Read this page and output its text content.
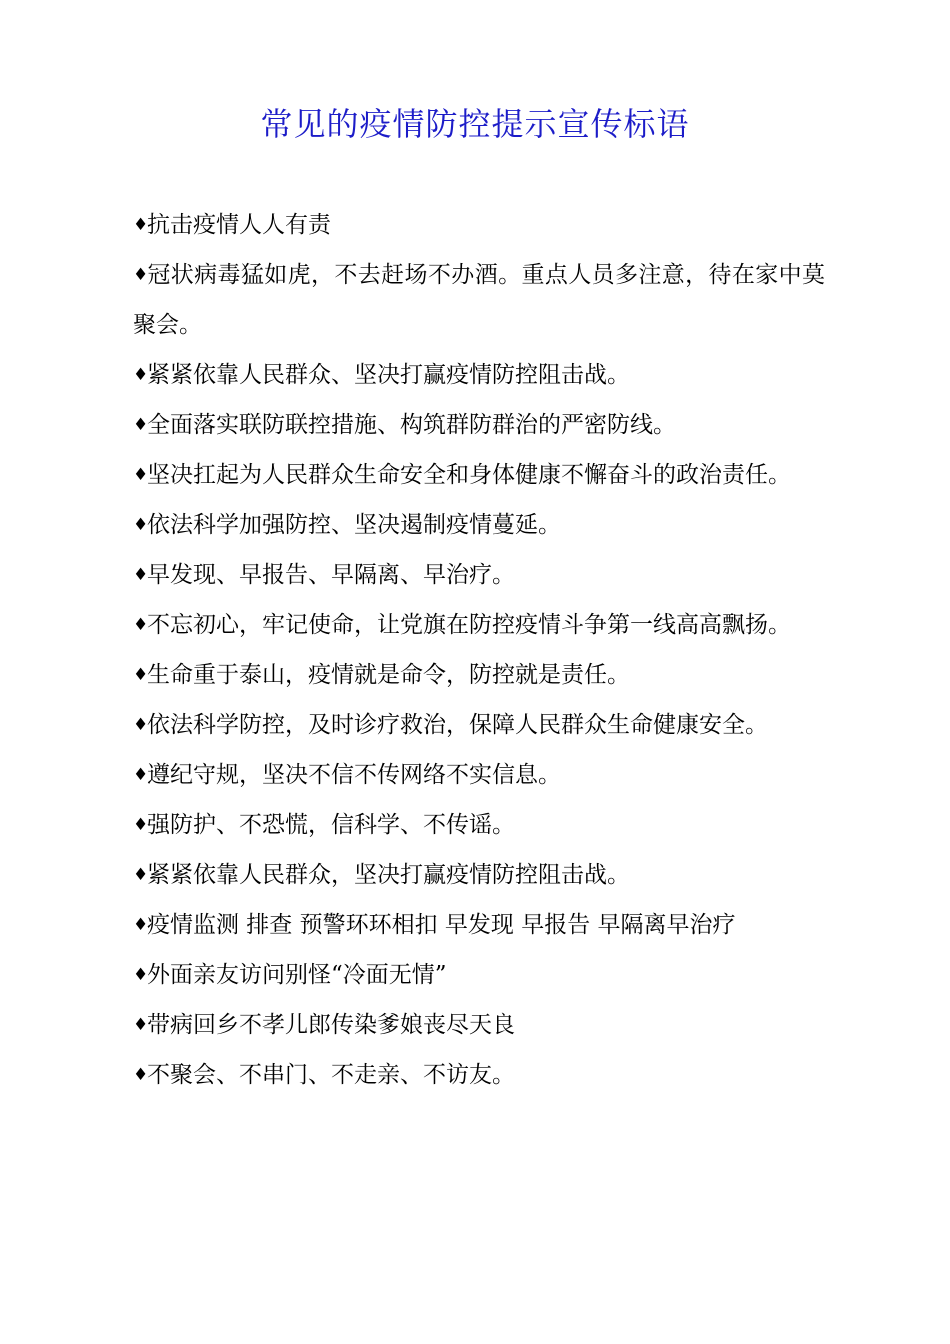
常见的疫情防控提示宣传标语
♦抗击疫情人人有责
♦冠状病毒猛如虎，不去赶场不办酒。重点人员多注意，待在家中莫聚会。
♦紧紧依靠人民群众、坚决打赢疫情防控阻击战。
♦全面落实联防联控措施、构筑群防群治的严密防线。
♦坚决扛起为人民群众生命安全和身体健康不懈奋斗的政治责任。
♦依法科学加强防控、坚决遏制疫情蔓延。
♦早发现、早报告、早隔离、早治疗。
♦不忘初心，牢记使命，让党旗在防控疫情斗争第一线高高飘扬。
♦生命重于泰山，疫情就是命令，防控就是责任。
♦依法科学防控，及时诊疗救治，保障人民群众生命健康安全。
♦遵纪守规，坚决不信不传网络不实信息。
♦强防护、不恐慌，信科学、不传谣。
♦紧紧依靠人民群众，坚决打赢疫情防控阻击战。
♦疫情监测 排查 预警环环相扣 早发现 早报告 早隔离早治疗
♦外面亲友访问别怪“冷面无情”
♦带病回乡不孝儿郎传染爹娘丧尽天良
♦不聚会、不串门、不走亲、不访友。
